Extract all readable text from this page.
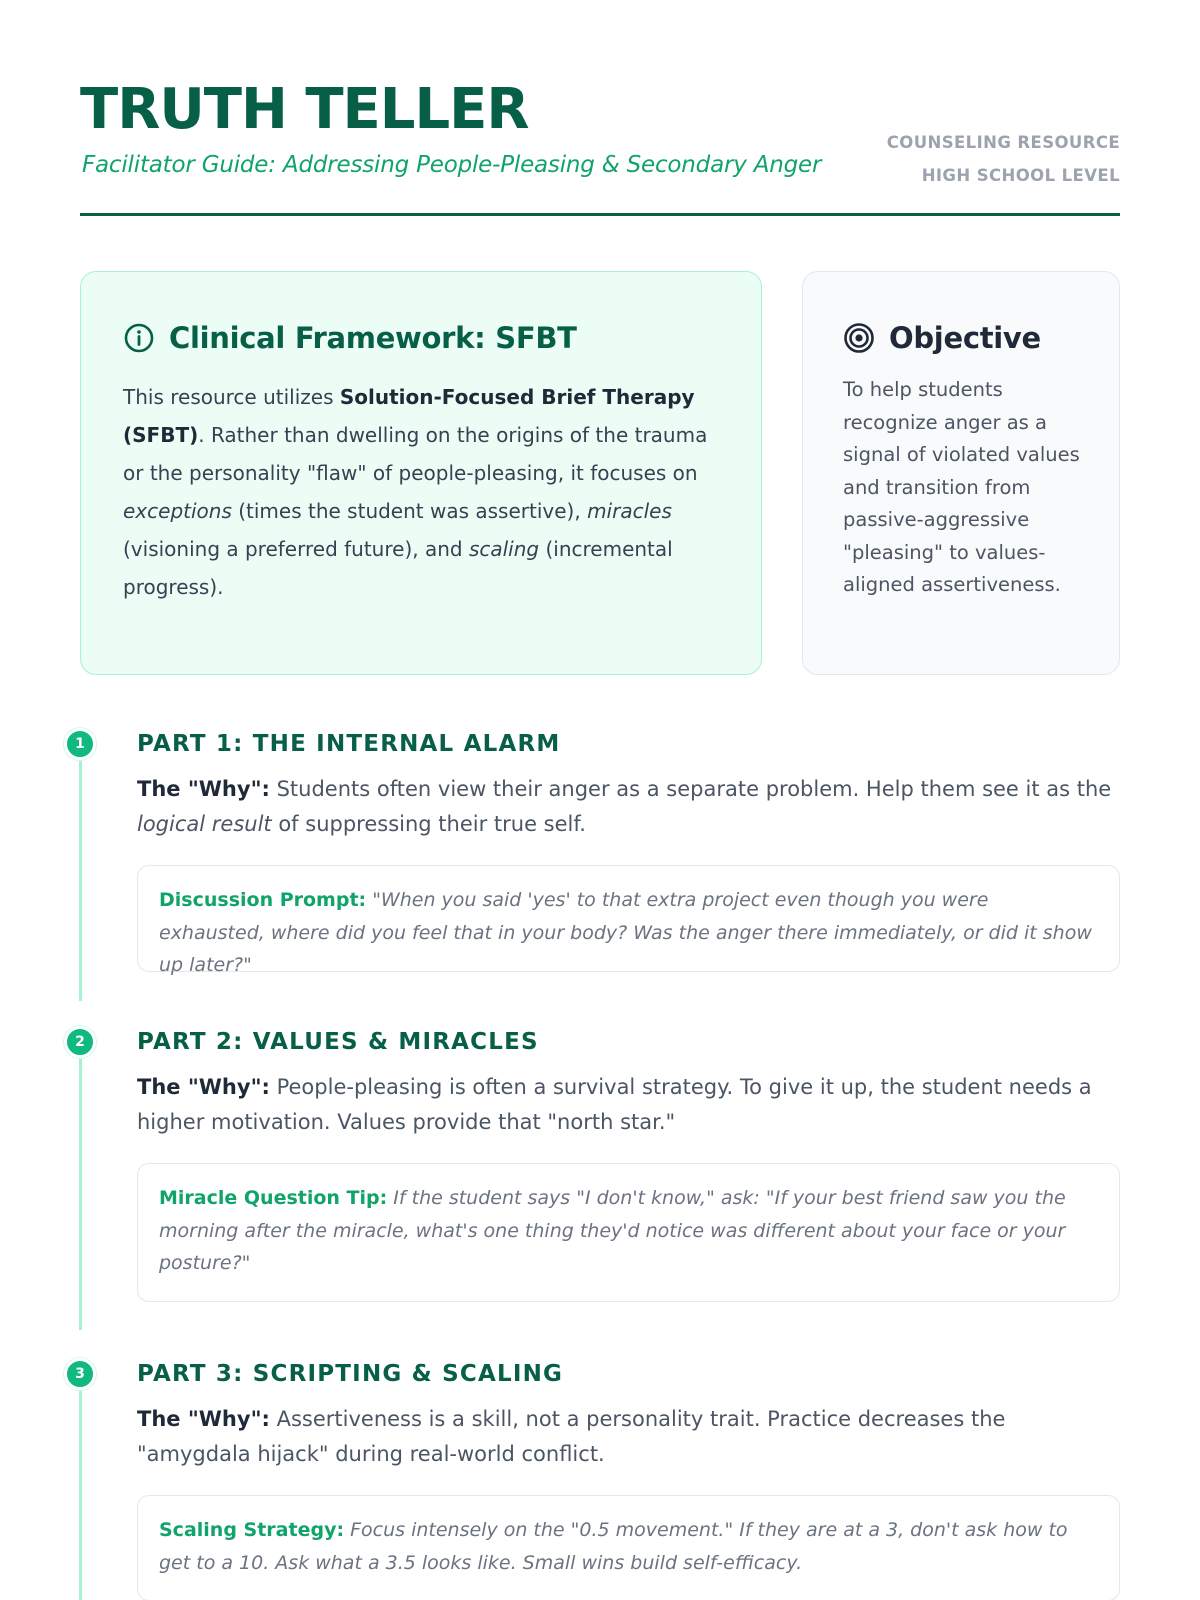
TRUTH TELLER
Facilitator Guide: Addressing People-Pleasing & Secondary Anger
COUNSELING RESOURCE
HIGH SCHOOL LEVEL
Clinical Framework: SFBT

This resource utilizes Solution-Focused Brief Therapy (SFBT). Rather than dwelling on the origins of the trauma or the personality "flaw" of people-pleasing, it focuses on exceptions (times the student was assertive), miracles (visioning a preferred future), and scaling (incremental progress).

Objective

To help students recognize anger as a signal of violated values and transition from passive-aggressive "pleasing" to values-aligned assertiveness.

1	PART 1: THE INTERNAL ALARM

The "Why": Students often view their anger as a separate problem. Help them see it as the logical result of suppressing their true self.

Discussion Prompt: "When you said 'yes' to that extra project even though you were exhausted, where did you feel that in your body? Was the anger there immediately, or did it show up later?"
2	PART 2: VALUES & MIRACLES

The "Why": People-pleasing is often a survival strategy. To give it up, the student needs a higher motivation. Values provide that "north star."

Miracle Question Tip: If the student says "I don't know," ask: "If your best friend saw you the morning after the miracle, what's one thing they'd notice was different about your face or your posture?"
3	PART 3: SCRIPTING & SCALING

The "Why": Assertiveness is a skill, not a personality trait. Practice decreases the "amygdala hijack" during real-world conflict.

Scaling Strategy: Focus intensely on the "0.5 movement." If they are at a 3, don't ask how to get to a 10. Ask what a 3.5 looks like. Small wins build self-efficacy.
